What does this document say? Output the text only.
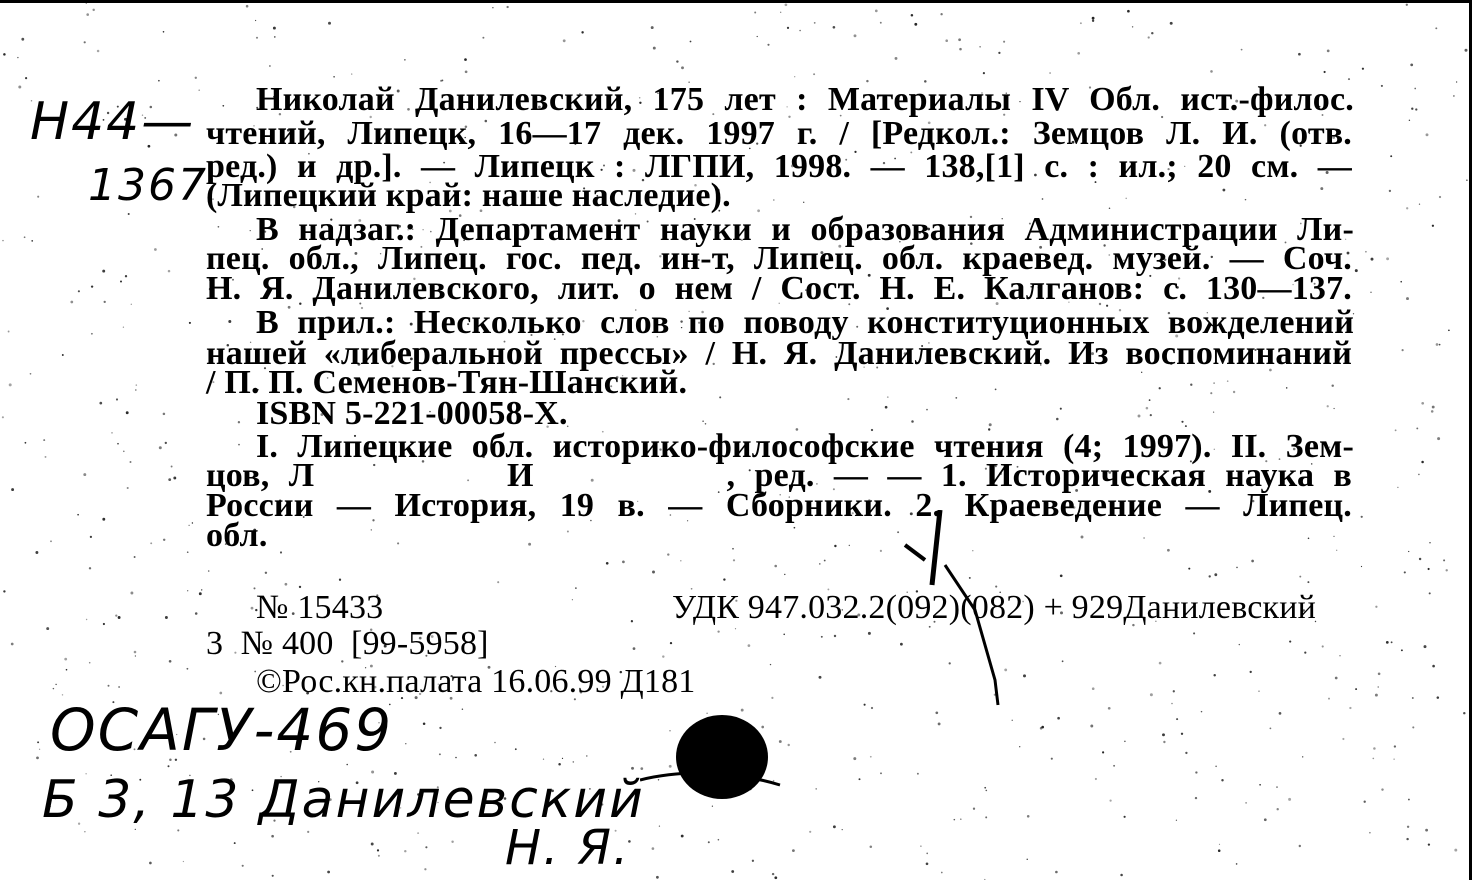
Николай Данилевский, 175 лет : Материалы IV Обл. ист.-филос.
чтений, Липецк, 16—17 дек. 1997 г. / [Редкол.: Земцов Л. И. (отв.
ред.) и др.]. — Липецк : ЛГПИ, 1998. — 138,[1] с. : ил.; 20 см. —
(Липецкий край: наше наследие).
В надзаг.: Департамент науки и образования Администрации Ли-
пец. обл., Липец. гос. пед. ин-т, Липец. обл. краевед. музей. — Соч.
Н. Я. Данилевского, лит. о нем / Сост. Н. Е. Калганов: с. 130—137.
В прил.: Несколько слов по поводу конституционных вожделений
нашей «либеральной прессы» / Н. Я. Данилевский. Из воспоминаний
/ П. П. Семенов-Тян-Шанский.
ISBN 5-221-00058-X.
I. Липецкие обл. историко-философские чтения (4; 1997). II. Зем-
цов, Л          И          , ред. — — 1. Историческая наука в
России — История, 19 в. — Сборники. 2. Краеведение — Липец.
обл.
№ 15433	УДК 947.032.2(092)(082) + 929Данилевский
3  № 400  [99-5958]
©Рос.кн.палата 16.06.99 Д181
Н44—
1367
ОСАГУ-469
Б 3, 13 Данилевский
Н. Я.
